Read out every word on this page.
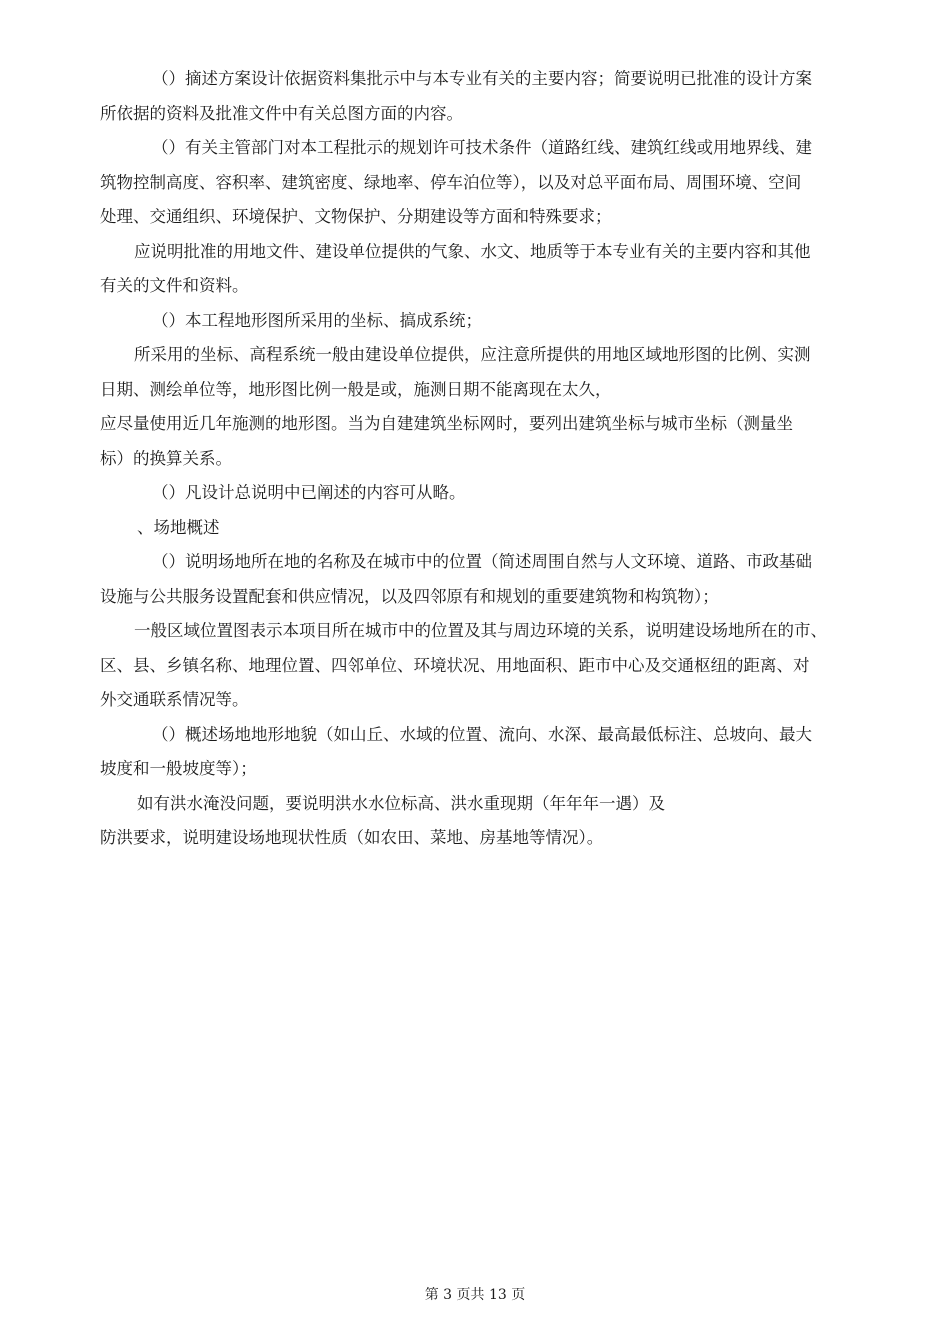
（）摘述方案设计依据资料集批示中与本专业有关的主要内容；简要说明已批准的设计方案
所依据的资料及批准文件中有关总图方面的内容。
（）有关主管部门对本工程批示的规划许可技术条件（道路红线、建筑红线或用地界线、建
筑物控制高度、容积率、建筑密度、绿地率、停车泊位等），以及对总平面布局、周围环境、空间
处理、交通组织、环境保护、文物保护、分期建设等方面和特殊要求；
应说明批准的用地文件、建设单位提供的气象、水文、地质等于本专业有关的主要内容和其他
有关的文件和资料。
（）本工程地形图所采用的坐标、搞成系统；
所采用的坐标、高程系统一般由建设单位提供，应注意所提供的用地区域地形图的比例、实测
日期、测绘单位等，地形图比例一般是或，施测日期不能离现在太久，
应尽量使用近几年施测的地形图。当为自建建筑坐标网时，要列出建筑坐标与城市坐标（测量坐
标）的换算关系。
（）凡设计总说明中已阐述的内容可从略。
、场地概述
（）说明场地所在地的名称及在城市中的位置（简述周围自然与人文环境、道路、市政基础
设施与公共服务设置配套和供应情况，以及四邻原有和规划的重要建筑物和构筑物）；
一般区域位置图表示本项目所在城市中的位置及其与周边环境的关系，说明建设场地所在的市、
区、县、乡镇名称、地理位置、四邻单位、环境状况、用地面积、距市中心及交通枢纽的距离、对
外交通联系情况等。
（）概述场地地形地貌（如山丘、水域的位置、流向、水深、最高最低标注、总坡向、最大
坡度和一般坡度等）；
如有洪水淹没问题，要说明洪水水位标高、洪水重现期（年年年一遇）及
防洪要求，说明建设场地现状性质（如农田、菜地、房基地等情况）。
第 3 页共 13 页
